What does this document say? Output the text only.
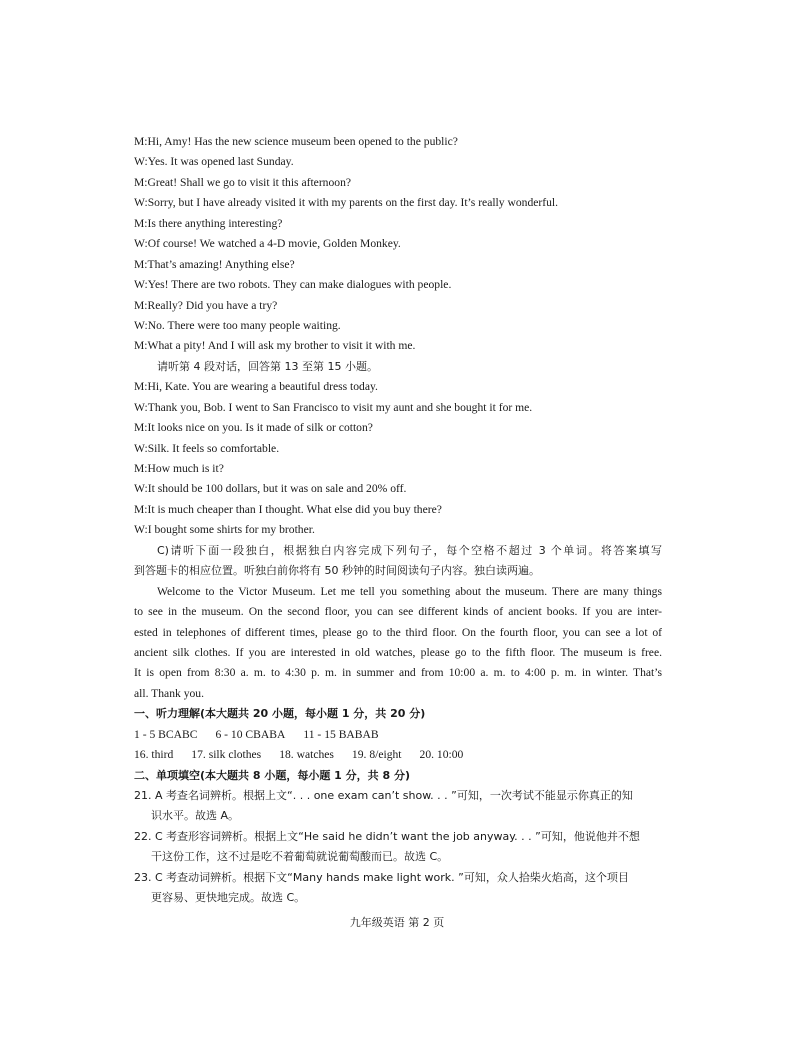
M:Hi, Amy! Has the new science museum been opened to the public?
W:Yes. It was opened last Sunday.
M:Great! Shall we go to visit it this afternoon?
W:Sorry, but I have already visited it with my parents on the first day. It’s really wonderful.
M:Is there anything interesting?
W:Of course! We watched a 4-D movie, Golden Monkey.
M:That’s amazing! Anything else?
W:Yes! There are two robots. They can make dialogues with people.
M:Really? Did you have a try?
W:No. There were too many people waiting.
M:What a pity! And I will ask my brother to visit it with me.
请听第 4 段对话，回答第 13 至第 15 小题。
M:Hi, Kate. You are wearing a beautiful dress today.
W:Thank you, Bob. I went to San Francisco to visit my aunt and she bought it for me.
M:It looks nice on you. Is it made of silk or cotton?
W:Silk. It feels so comfortable.
M:How much is it?
W:It should be 100 dollars, but it was on sale and 20% off.
M:It is much cheaper than I thought. What else did you buy there?
W:I bought some shirts for my brother.
C)请听下面一段独白，根据独白内容完成下列句子，每个空格不超过 3 个单词。将答案填写
到答题卡的相应位置。听独白前你将有 50 秒钟的时间阅读句子内容。独白读两遍。
Welcome to the Victor Museum. Let me tell you something about the museum. There are many things
to see in the museum. On the second floor, you can see different kinds of ancient books. If you are inter-
ested in telephones of different times, please go to the third floor. On the fourth floor, you can see a lot of
ancient silk clothes. If you are interested in old watches, please go to the fifth floor. The museum is free.
It is open from 8:30 a. m. to 4:30 p. m. in summer and from 10:00 a. m. to 4:00 p. m. in winter. That’s
all. Thank you.
一、听力理解(本大题共 20 小题，每小题 1 分，共 20 分)
1 - 5 BCABC 6 - 10 CBABA 11 - 15 BABAB
16. third 17. silk clothes 18. watches 19. 8/eight 20. 10:00
二、单项填空(本大题共 8 小题，每小题 1 分，共 8 分)
21. A 考查名词辨析。根据上文“. . . one exam can’t show. . . ”可知，一次考试不能显示你真正的知
识水平。故选 A。
22. C 考查形容词辨析。根据上文“He said he didn’t want the job anyway. . . ”可知，他说他并不想
干这份工作，这不过是吃不着葡萄就说葡萄酸而已。故选 C。
23. C 考查动词辨析。根据下文“Many hands make light work. ”可知，众人拾柴火焰高，这个项目
更容易、更快地完成。故选 C。
九年级英语 第 2 页
